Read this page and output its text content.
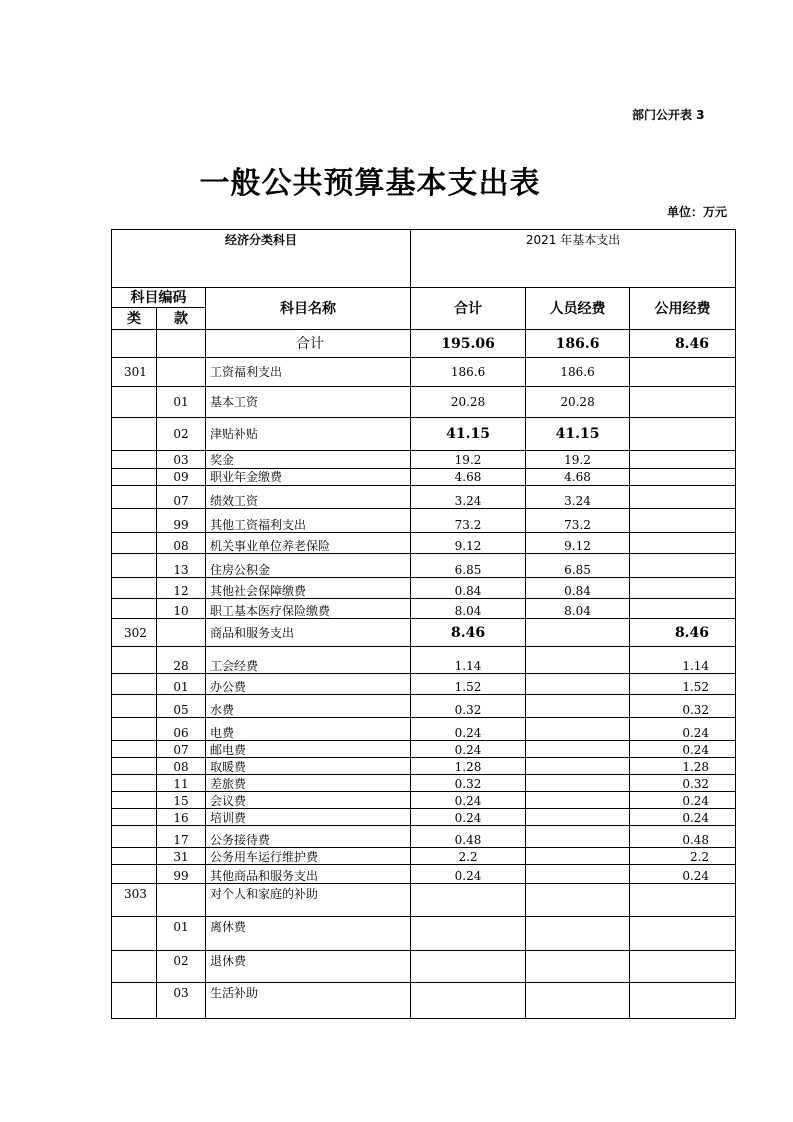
部门公开表 3
一般公共预算基本支出表
单位：万元
经济分类科目			2021 年基本支出		
科目编码		科目名称	合计	人员经费	公用经费
类	款				
		合计	195.06	186.6	8.46
301		工资福利支出	186.6	186.6	
	01	基本工资	20.28	20.28	
	02	津贴补贴	41.15	41.15	
	03	奖金	19.2	19.2	
	09	职业年金缴费	4.68	4.68	
	07	绩效工资	3.24	3.24	
	99	其他工资福利支出	73.2	73.2	
	08	机关事业单位养老保险	9.12	9.12	
	13	住房公积金	6.85	6.85	
	12	其他社会保障缴费	0.84	0.84	
	10	职工基本医疗保险缴费	8.04	8.04	
302		商品和服务支出	8.46		8.46
	28	工会经费	1.14		1.14
	01	办公费	1.52		1.52
	05	水费	0.32		0.32
	06	电费	0.24		0.24
	07	邮电费	0.24		0.24
	08	取暖费	1.28		1.28
	11	差旅费	0.32		0.32
	15	会议费	0.24		0.24
	16	培训费	0.24		0.24
	17	公务接待费	0.48		0.48
	31	公务用车运行维护费	2.2		2.2
	99	其他商品和服务支出	0.24		0.24
303		对个人和家庭的补助			
	01	离休费			
	02	退休费			
	03	生活补助			
